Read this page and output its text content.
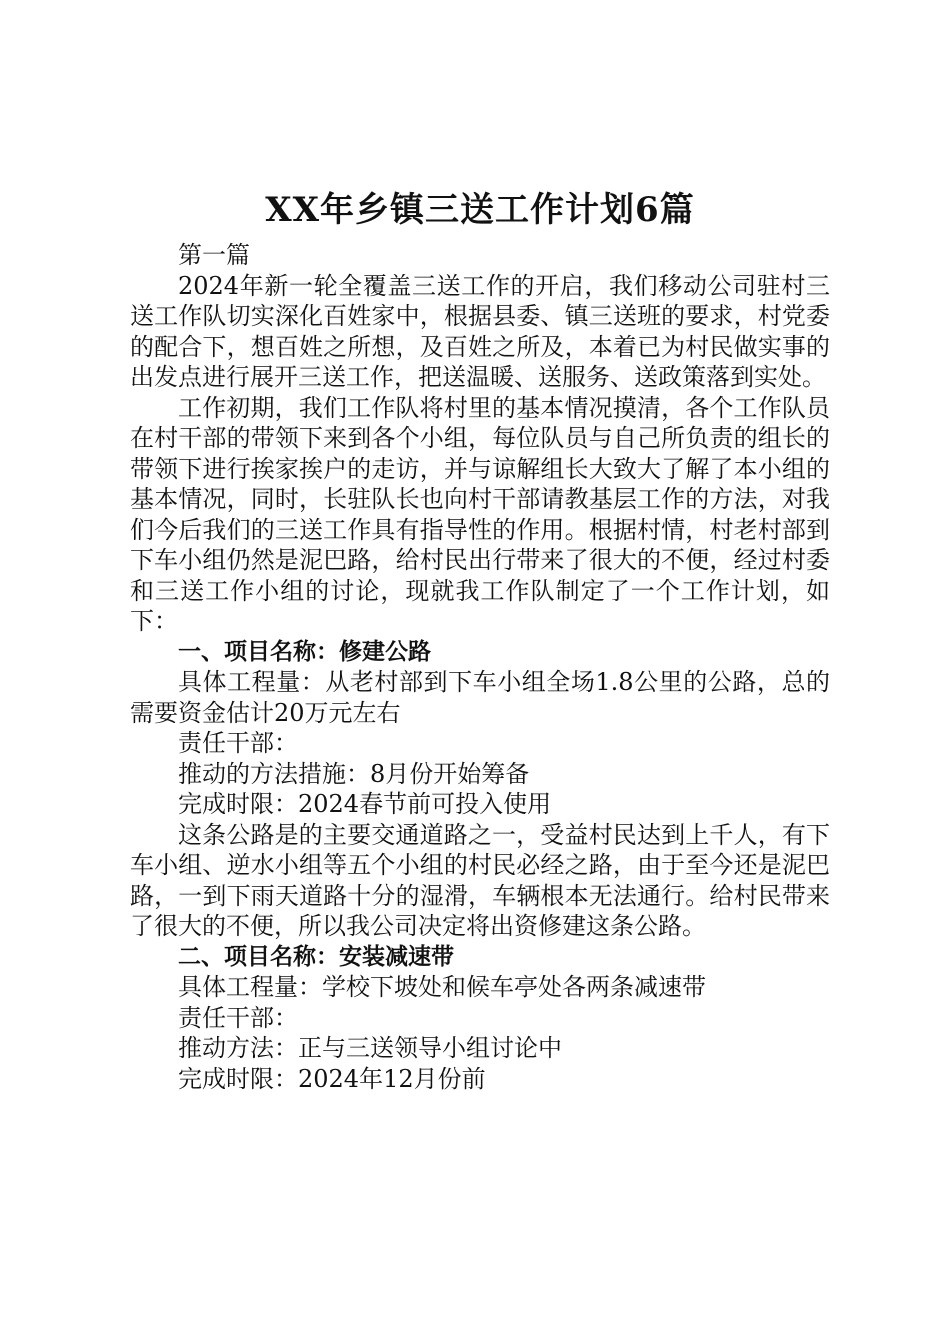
XX年乡镇三送工作计划6篇

第一篇

2024年新一轮全覆盖三送工作的开启，我们移动公司驻村三送工作队切实深化百姓家中，根据县委、镇三送班的要求，村党委的配合下，想百姓之所想，及百姓之所及，本着已为村民做实事的出发点进行展开三送工作，把送温暖、送服务、送政策落到实处。

工作初期，我们工作队将村里的基本情况摸清，各个工作队员在村干部的带领下来到各个小组，每位队员与自己所负责的组长的带领下进行挨家挨户的走访，并与谅解组长大致大了解了本小组的基本情况，同时，长驻队长也向村干部请教基层工作的方法，对我们今后我们的三送工作具有指导性的作用。根据村情，村老村部到下车小组仍然是泥巴路，给村民出行带来了很大的不便，经过村委和三送工作小组的讨论，现就我工作队制定了一个工作计划，如下：

一、项目名称：修建公路

具体工程量：从老村部到下车小组全场1.8公里的公路，总的需要资金估计20万元左右

责任干部：

推动的方法措施：8月份开始筹备

完成时限：2024春节前可投入使用

这条公路是的主要交通道路之一，受益村民达到上千人，有下车小组、逆水小组等五个小组的村民必经之路，由于至今还是泥巴路，一到下雨天道路十分的湿滑，车辆根本无法通行。给村民带来了很大的不便，所以我公司决定将出资修建这条公路。

二、项目名称：安装减速带

具体工程量：学校下坡处和候车亭处各两条减速带

责任干部：

推动方法：正与三送领导小组讨论中

完成时限：2024年12月份前
